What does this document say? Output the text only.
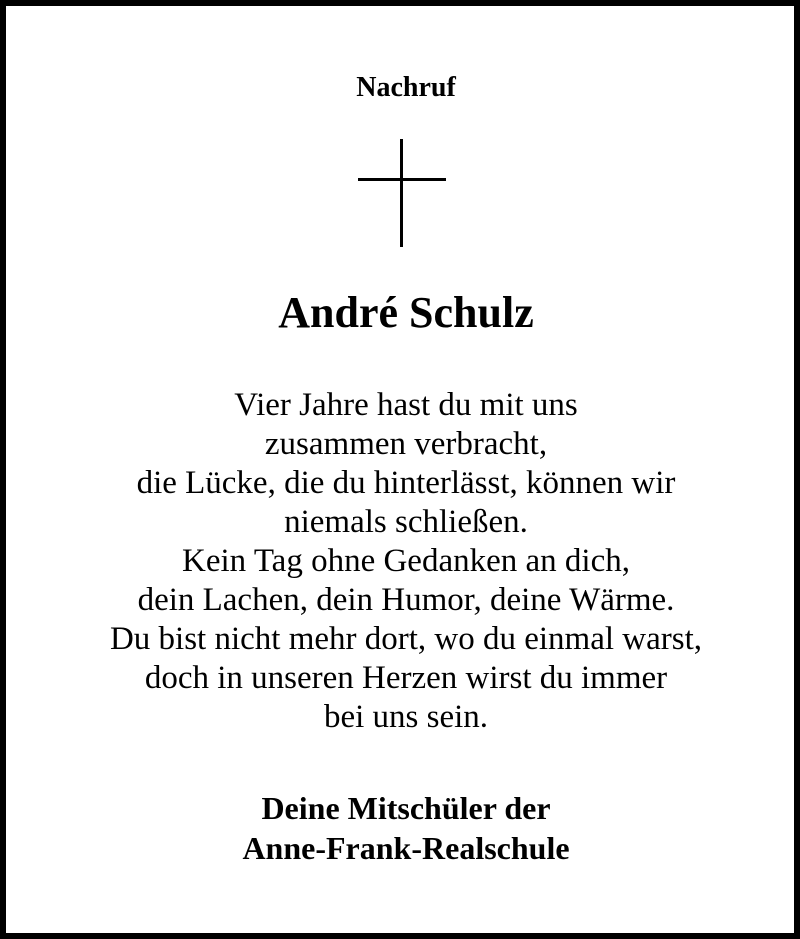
Nachruf
André Schulz
Vier Jahre hast du mit uns
zusammen verbracht,
die Lücke, die du hinterlässt, können wir
niemals schließen.
Kein Tag ohne Gedanken an dich,
dein Lachen, dein Humor, deine Wärme.
Du bist nicht mehr dort, wo du einmal warst,
doch in unseren Herzen wirst du immer
bei uns sein.
Deine Mitschüler der
Anne-Frank-Realschule
